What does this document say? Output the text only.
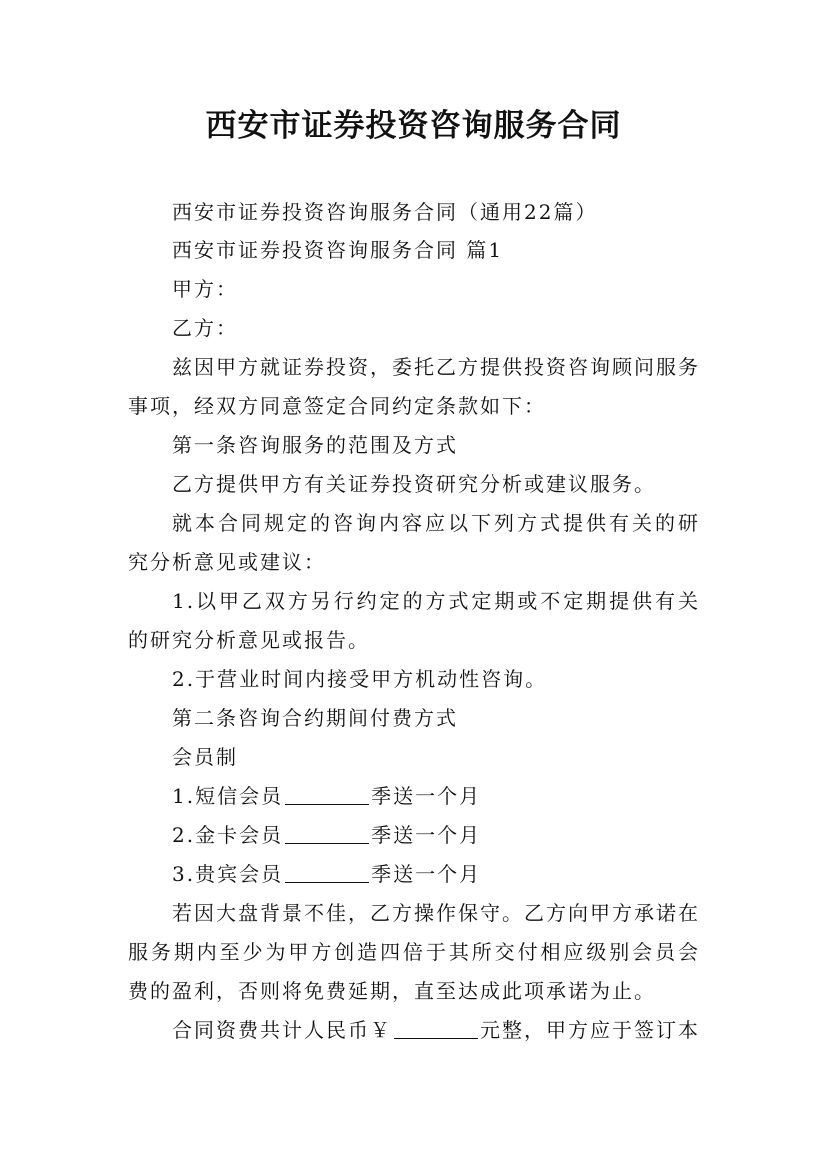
西安市证券投资咨询服务合同
西安市证券投资咨询服务合同（通用22篇）
西安市证券投资咨询服务合同 篇1
甲方：
乙方：
兹因甲方就证券投资，委托乙方提供投资咨询顾问服务
事项，经双方同意签定合同约定条款如下：
第一条咨询服务的范围及方式
乙方提供甲方有关证券投资研究分析或建议服务。
就本合同规定的咨询内容应以下列方式提供有关的研
究分析意见或建议：
1.以甲乙双方另行约定的方式定期或不定期提供有关
的研究分析意见或报告。
2.于营业时间内接受甲方机动性咨询。
第二条咨询合约期间付费方式
会员制
1.短信会员	季送一个月
2.金卡会员	季送一个月
3.贵宾会员	季送一个月
若因大盘背景不佳，乙方操作保守。乙方向甲方承诺在
服务期内至少为甲方创造四倍于其所交付相应级别会员会
费的盈利，否则将免费延期，直至达成此项承诺为止。
合同资费共计人民币￥	元整，甲方应于签订本
